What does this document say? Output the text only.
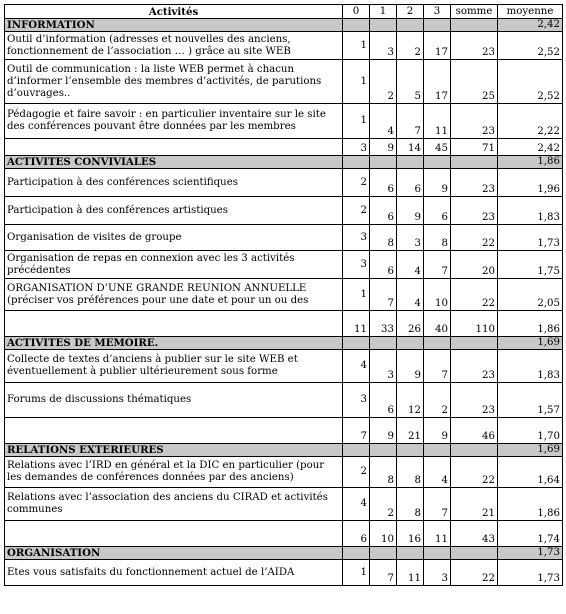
Activités	0	1	2	3	somme	moyenne
INFORMATION						2,42
Outil d’information (adresses et nouvelles des anciens, fonctionnement de l’association … ) grâce au site WEB	1	3	2	17	23	2,52
Outil de communication : la liste WEB permet à chacun d’informer l’ensemble des membres d’activités, de parutions d’ouvrages..	1	2	5	17	25	2,52
Pédagogie et faire savoir : en particulier inventaire sur le site des conférences pouvant être données par les membres	1	4	7	11	23	2,22
	3	9	14	45	71	2,42
ACTIVITES CONVIVIALES						1,86
Participation à des conférences scientifiques	2	6	6	9	23	1,96
Participation à des conférences artistiques	2	6	9	6	23	1,83
Organisation de visites de groupe	3	8	3	8	22	1,73
Organisation de repas en connexion avec les 3 activités précédentes	3	6	4	7	20	1,75
ORGANISATION D’UNE GRANDE REUNION ANNUELLE (préciser vos préférences pour une date et pour un ou des	1	7	4	10	22	2,05
	11	33	26	40	110	1,86
ACTIVITES DE MEMOIRE.						1,69
Collecte de textes d’anciens à publier sur le site WEB et éventuellement à publier ultérieurement sous forme	4	3	9	7	23	1,83
Forums de discussions thématiques	3	6	12	2	23	1,57
	7	9	21	9	46	1,70
RELATIONS EXTERIEURES						1,69
Relations avec l’IRD en général et la DIC en particulier (pour les demandes de conférences données par des anciens)	2	8	8	4	22	1,64
Relations avec l’association des anciens du CIRAD et activités communes	4	2	8	7	21	1,86
	6	10	16	11	43	1,74
ORGANISATION						1,73
Etes vous satisfaits du fonctionnement actuel de l’AIDA	1	7	11	3	22	1,73
